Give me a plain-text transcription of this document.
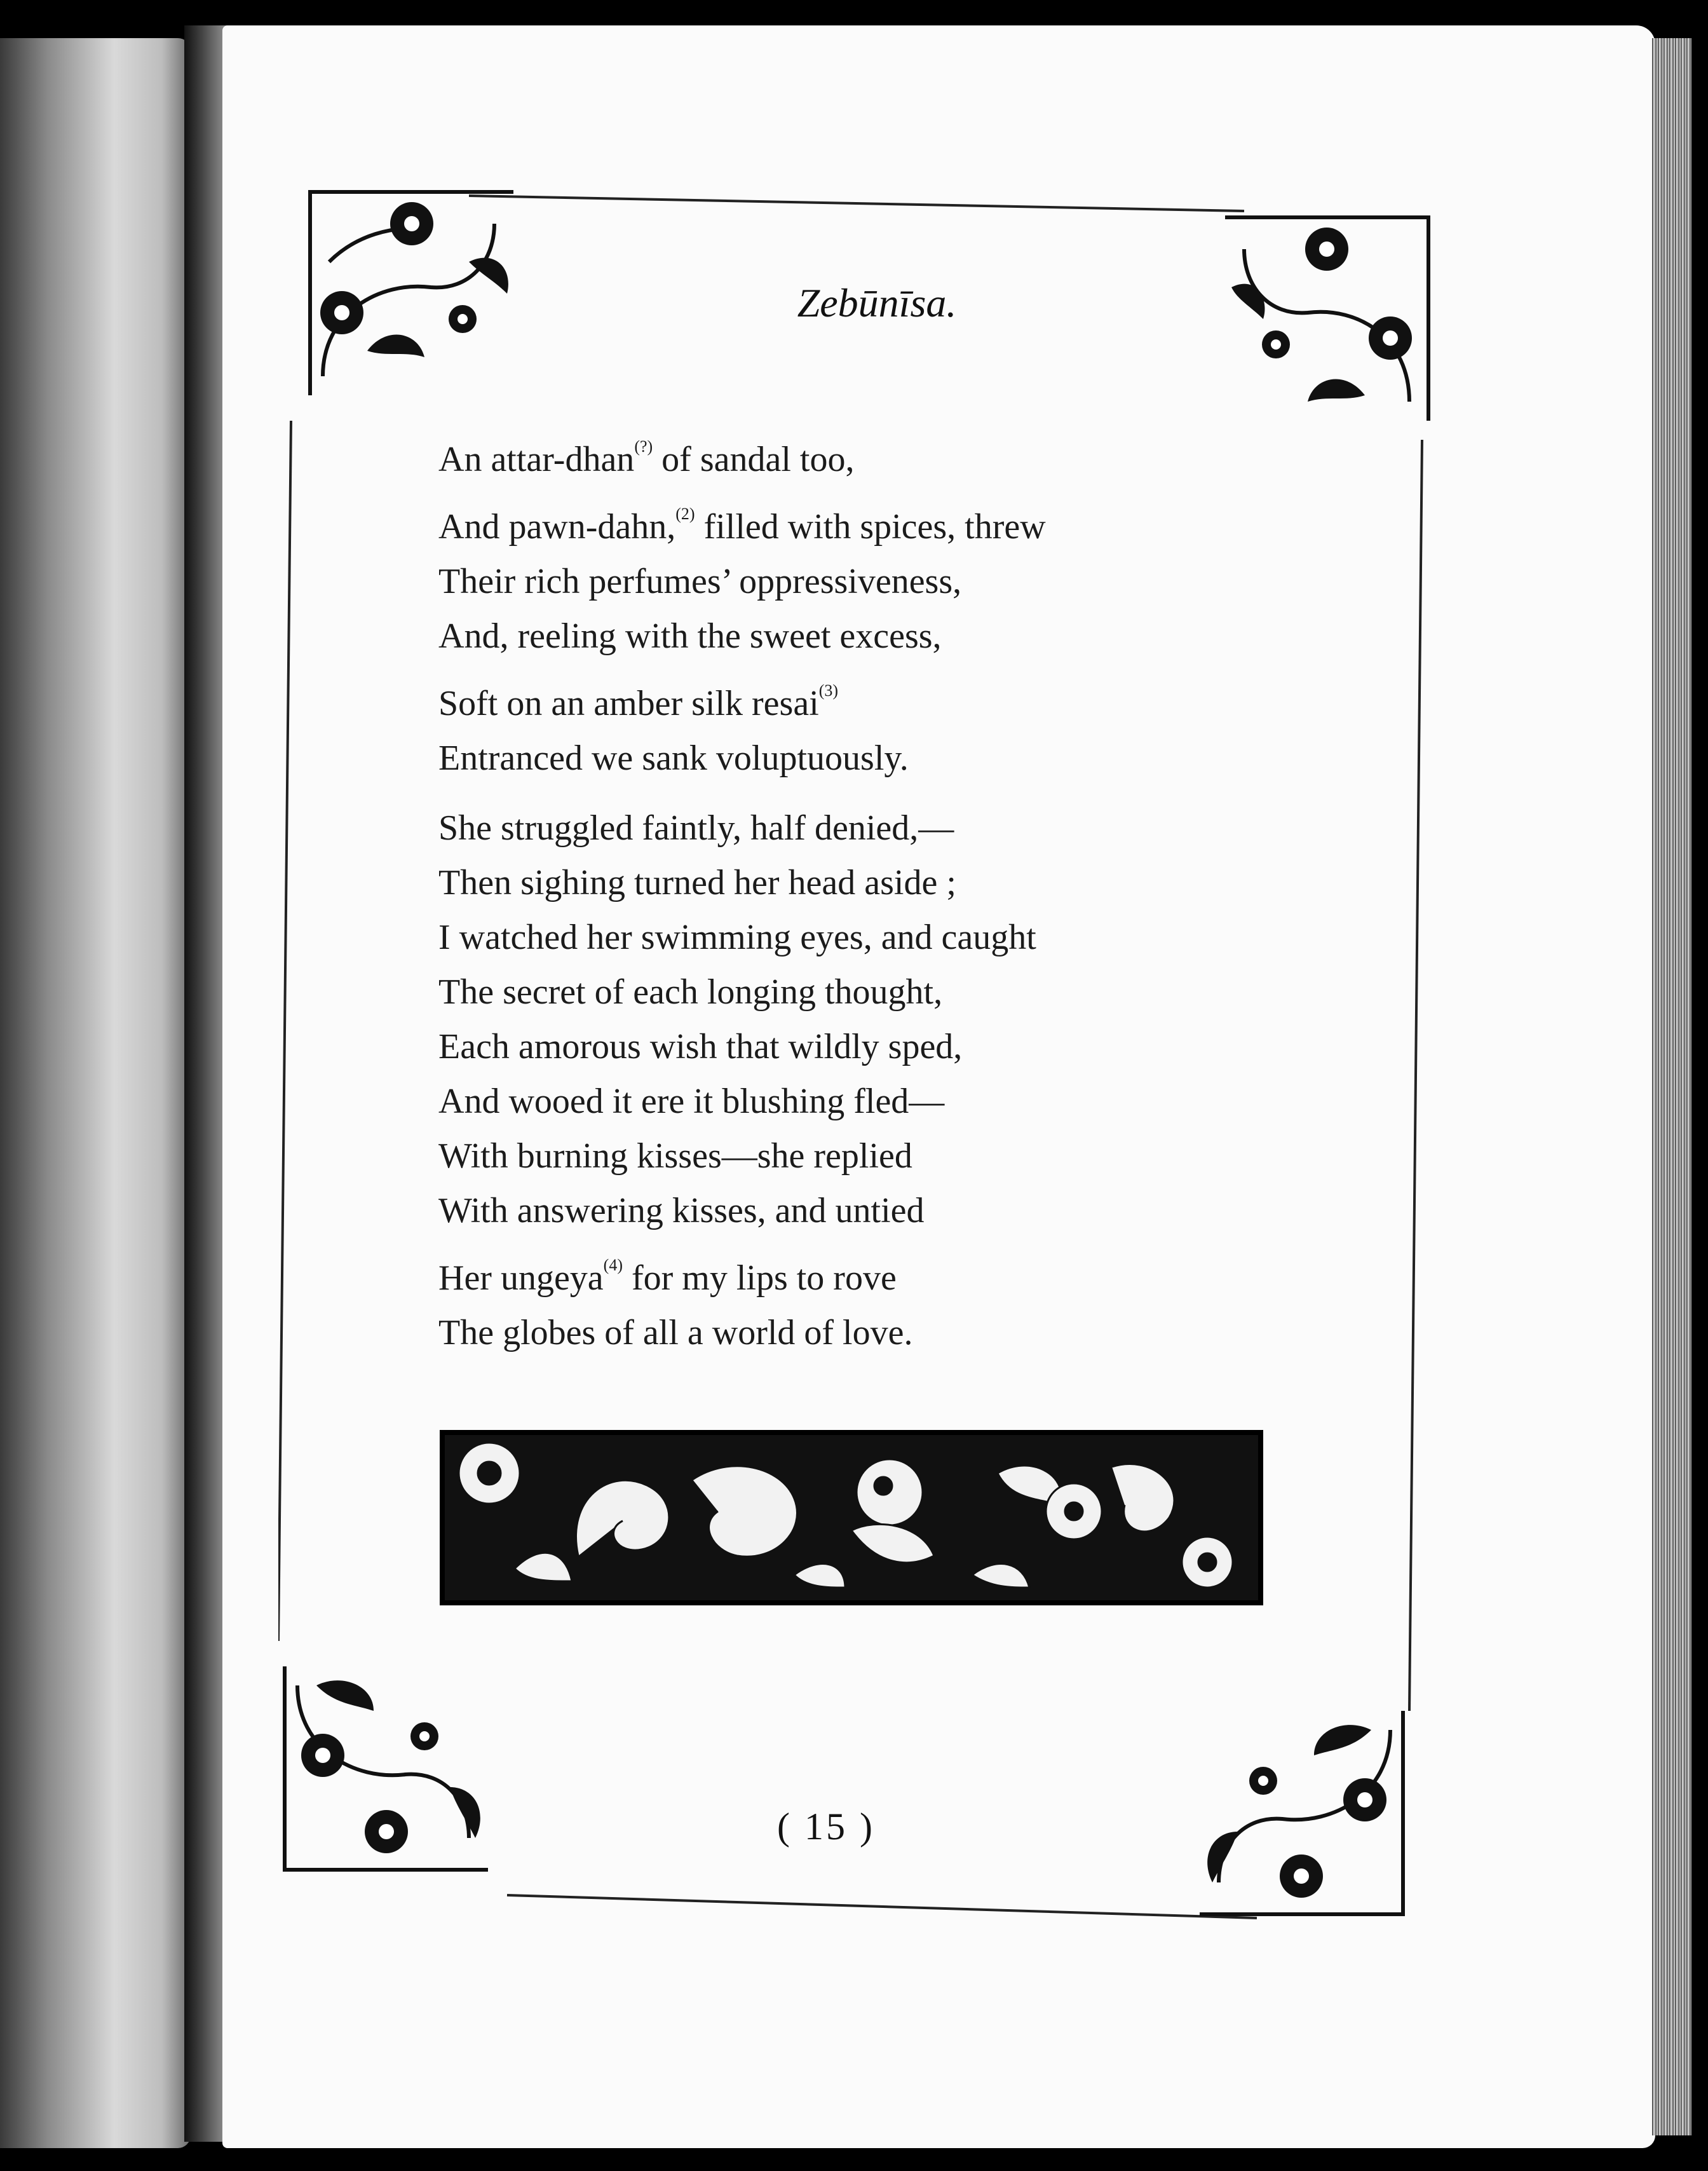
Zebūnīsa.
An attar-dhan(?) of sandal too,
And pawn-dahn,$^{(2)}$ filled with spices, threw
Their rich perfumes’ oppressiveness,
And, reeling with the sweet excess,
Soft on an amber silk resai$^{(3)}$
Entranced we sank voluptuously.
She struggled faintly, half denied,—
Then sighing turned her head aside ;
I watched her swimming eyes, and caught
The secret of each longing thought,
Each amorous wish that wildly sped,
And wooed it ere it blushing fled—
With burning kisses—she replied
With answering kisses, and untied
Her ungeya$^{(4)}$ for my lips to rove
The globes of all a world of love.
( 15 )
